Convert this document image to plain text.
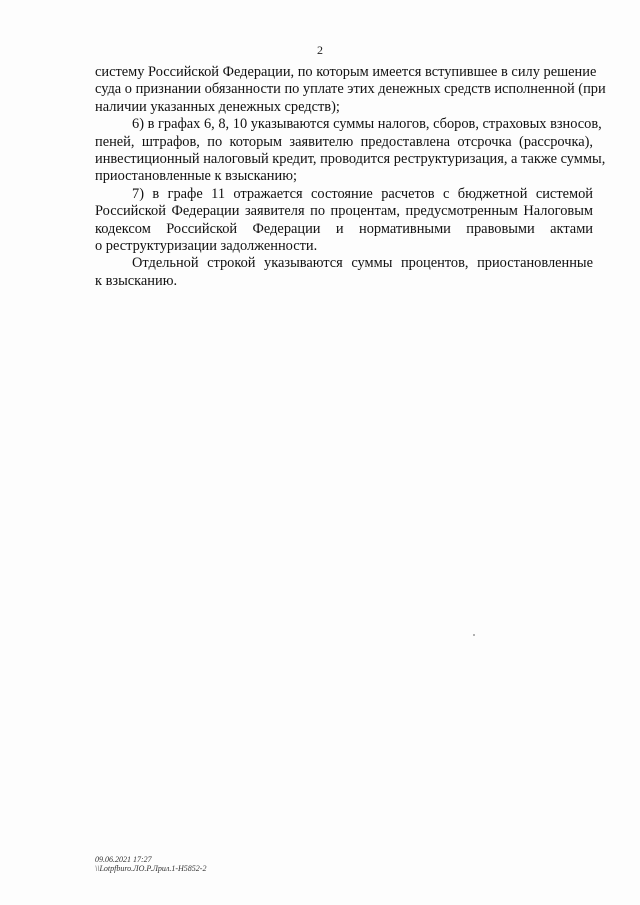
2

систему Российской Федерации, по которым имеется вступившее в силу решение
суда о признании обязанности по уплате этих денежных средств исполненной (при
наличии указанных денежных средств);

6) в графах 6, 8, 10 указываются суммы налогов, сборов, страховых взносов,
пеней, штрафов, по которым заявителю предоставлена отсрочка (рассрочка),
инвестиционный налоговый кредит, проводится реструктуризация, а также суммы,
приостановленные к взысканию;

7) в графе 11 отражается состояние расчетов с бюджетной системой
Российской Федерации заявителя по процентам, предусмотренным Налоговым
кодексом Российской Федерации и нормативными правовыми актами
о реструктуризации задолженности.

Отдельной строкой указываются суммы процентов, приостановленные
к взысканию.

09.06.2021 17:27
\\Lotpfburo.ЛО.Р.Лрил.1-Н5852-2
